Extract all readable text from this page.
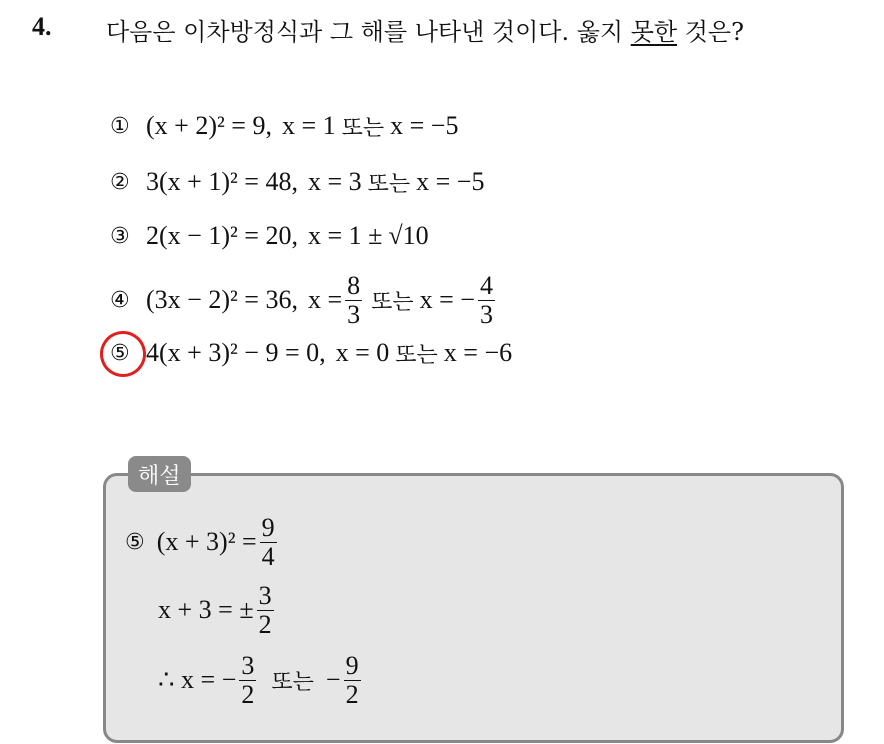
4. 다음은 이차방정식과 그 해를 나타낸 것이다. 옳지 못한 것은?
① (x + 2)² = 9, x = 1 또는 x = −5
② 3(x + 1)² = 48, x = 3 또는 x = −5
③ 2(x − 1)² = 20, x = 1 ± √10
④ (3x − 2)² = 36, $x = \frac{8}{3}$ 또는 x = − $\frac{4}{3}$
⑤ 4(x + 3)² − 9 = 0, x = 0 또는 x = −6
해설
⑤ $(x + 3)^2 = \frac{9}{4}$
x + 3 = ± $\frac{3}{2}$
∴ x = − $\frac{3}{2}$ 또는 − $\frac{9}{2}$
